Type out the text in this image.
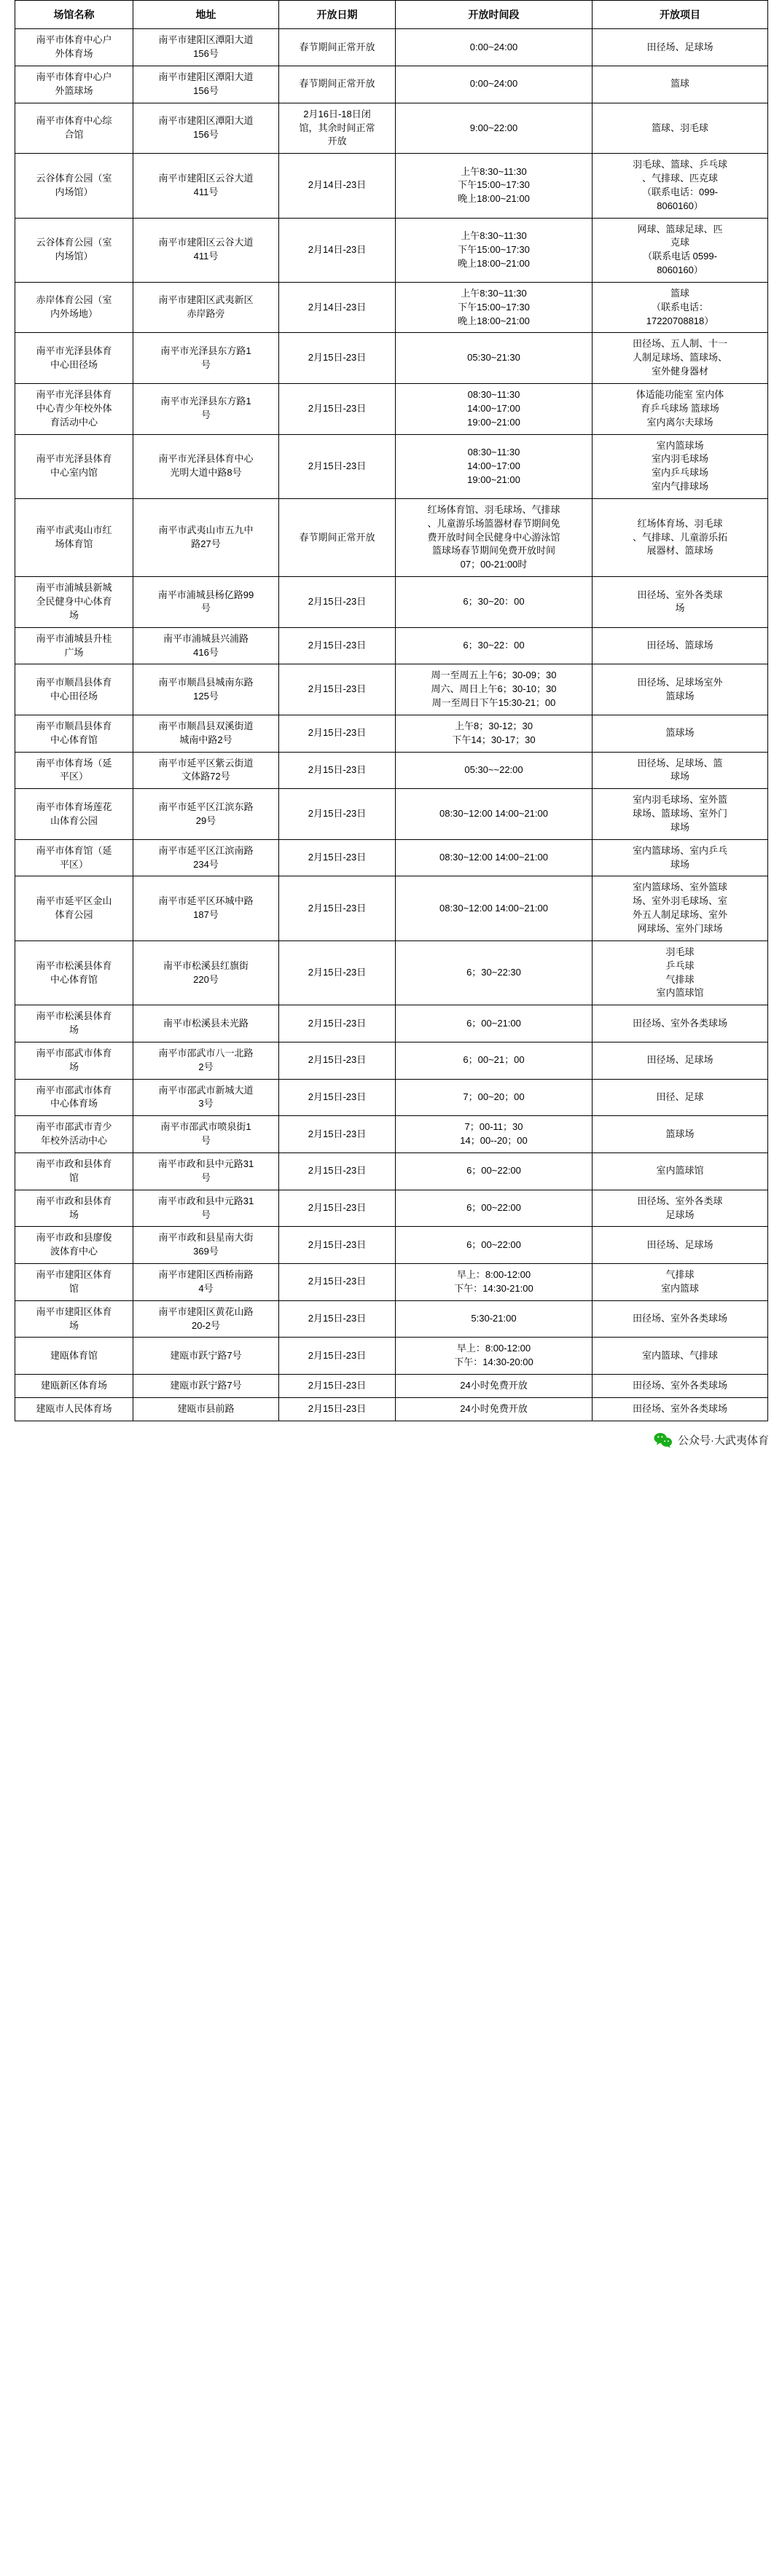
场馆名称	地址	开放日期	开放时间段	开放项目

南平市体育中心户
外体育场	南平市建阳区潭阳大道
156号	春节期间正常开放	0:00~24:00	田径场、足球场

南平市体育中心户
外篮球场	南平市建阳区潭阳大道
156号	春节期间正常开放	0:00~24:00	篮球

南平市体育中心综
合馆	南平市建阳区潭阳大道
156号	2月16日-18日闭
馆，其余时间正常
开放	9:00~22:00	篮球、羽毛球

云谷体育公园（室
内场馆）	南平市建阳区云谷大道
411号	2月14日-23日	上午8:30~11:30
下午15:00~17:30
晚上18:00~21:00	羽毛球、篮球、乒乓球
、气排球、匹克球
（联系电话：099-
8060160）

云谷体育公园（室
内场馆）	南平市建阳区云谷大道
411号	2月14日-23日	上午8:30~11:30
下午15:00~17:30
晚上18:00~21:00	网球、篮球足球、匹
克球
（联系电话 0599-
8060160）

赤岸体育公园（室
内外场地）	南平市建阳区武夷新区
赤岸路旁	2月14日-23日	上午8:30~11:30
下午15:00~17:30
晚上18:00~21:00	篮球
（联系电话：
17220708818）

南平市光泽县体育
中心田径场	南平市光泽县东方路1
号	2月15日-23日	05:30~21:30	田径场、五人制、十一
人制足球场、篮球场、
室外健身器材

南平市光泽县体育
中心青少年校外体
育活动中心	南平市光泽县东方路1
号	2月15日-23日	08:30~11:30
14:00~17:00
19:00~21:00	体适能功能室 室内体
育乒乓球场 篮球场
室内离尔夫球场

南平市光泽县体育
中心室内馆	南平市光泽县体育中心
光明大道中路8号	2月15日-23日	08:30~11:30
14:00~17:00
19:00~21:00	室内篮球场
室内羽毛球场
室内乒乓球场
室内气排球场

南平市武夷山市红
场体育馆	南平市武夷山市五九中
路27号	春节期间正常开放	红场体育馆、羽毛球场、气排球
、儿童游乐场篮器材春节期间免
费开放时间全民健身中心游泳馆
篮球场春节期间免费开放时间
07；00-21:00时	红场体育场、羽毛球
、气排球、儿童游乐拓
展器材、篮球场

南平市浦城县新城
全民健身中心体育
场	南平市浦城县杨亿路99
号	2月15日-23日	6；30~20：00	田径场、室外各类球
场

南平市浦城县升桂
广场	南平市浦城县兴浦路
416号	2月15日-23日	6；30~22：00	田径场、篮球场

南平市顺昌县体育
中心田径场	南平市顺昌县城南东路
125号	2月15日-23日	周一至周五上午6；30-09；30
周六、周日上午6；30-10；30
周一至周日下午15:30-21；00	田径场、足球场室外
篮球场

南平市顺昌县体育
中心体育馆	南平市顺昌县双溪街道
城南中路2号	2月15日-23日	上午8；30-12；30
下午14；30-17；30	篮球场

南平市体育场（延
平区）	南平市延平区紫云街道
文体路72号	2月15日-23日	05:30~~22:00	田径场、足球场、篮
球场

南平市体育场莲花
山体育公园	南平市延平区江滨东路
29号	2月15日-23日	08:30~12:00 14:00~21:00	室内羽毛球场、室外篮
球场、篮球场、室外门
球场

南平市体育馆（延
平区）	南平市延平区江滨南路
234号	2月15日-23日	08:30~12:00 14:00~21:00	室内篮球场、室内乒乓
球场

南平市延平区金山
体育公园	南平市延平区环城中路
187号	2月15日-23日	08:30~12:00 14:00~21:00	室内篮球场、室外篮球
场、室外羽毛球场、室
外五人制足球场、室外
网球场、室外门球场

南平市松溪县体育
中心体育馆	南平市松溪县红旗街
220号	2月15日-23日	6；30~22:30	羽毛球
乒乓球
气排球
室内篮球馆

南平市松溪县体育
场	南平市松溪县未光路	2月15日-23日	6；00~21:00	田径场、室外各类球场

南平市邵武市体育
场	南平市邵武市八一北路
2号	2月15日-23日	6；00~21；00	田径场、足球场

南平市邵武市体育
中心体育场	南平市邵武市新城大道
3号	2月15日-23日	7；00~20；00	田径、足球

南平市邵武市青少
年校外活动中心	南平市邵武市喷泉街1
号	2月15日-23日	7；00-11；30
14；00--20；00	篮球场

南平市政和县体育
馆	南平市政和县中元路31
号	2月15日-23日	6；00~22:00	室内篮球馆

南平市政和县体育
场	南平市政和县中元路31
号	2月15日-23日	6；00~22:00	田径场、室外各类球
足球场

南平市政和县廖俊
波体育中心	南平市政和县星南大街
369号	2月15日-23日	6；00~22:00	田径场、足球场

南平市建阳区体育
馆	南平市建阳区西桥南路
4号	2月15日-23日	早上：8:00-12:00
下午：14:30-21:00	气排球
室内篮球

南平市建阳区体育
场	南平市建阳区黄花山路
20-2号	2月15日-23日	5:30-21:00	田径场、室外各类球场

建瓯体育馆	建瓯市跃宁路7号	2月15日-23日	早上：8:00-12:00
下午：14:30-20:00	室内篮球、气排球

建瓯新区体育场	建瓯市跃宁路7号	2月15日-23日	24小时免费开放	田径场、室外各类球场

建瓯市人民体育场	建瓯市县前路	2月15日-23日	24小时免费开放	田径场、室外各类球场
公众号·大武夷体育
